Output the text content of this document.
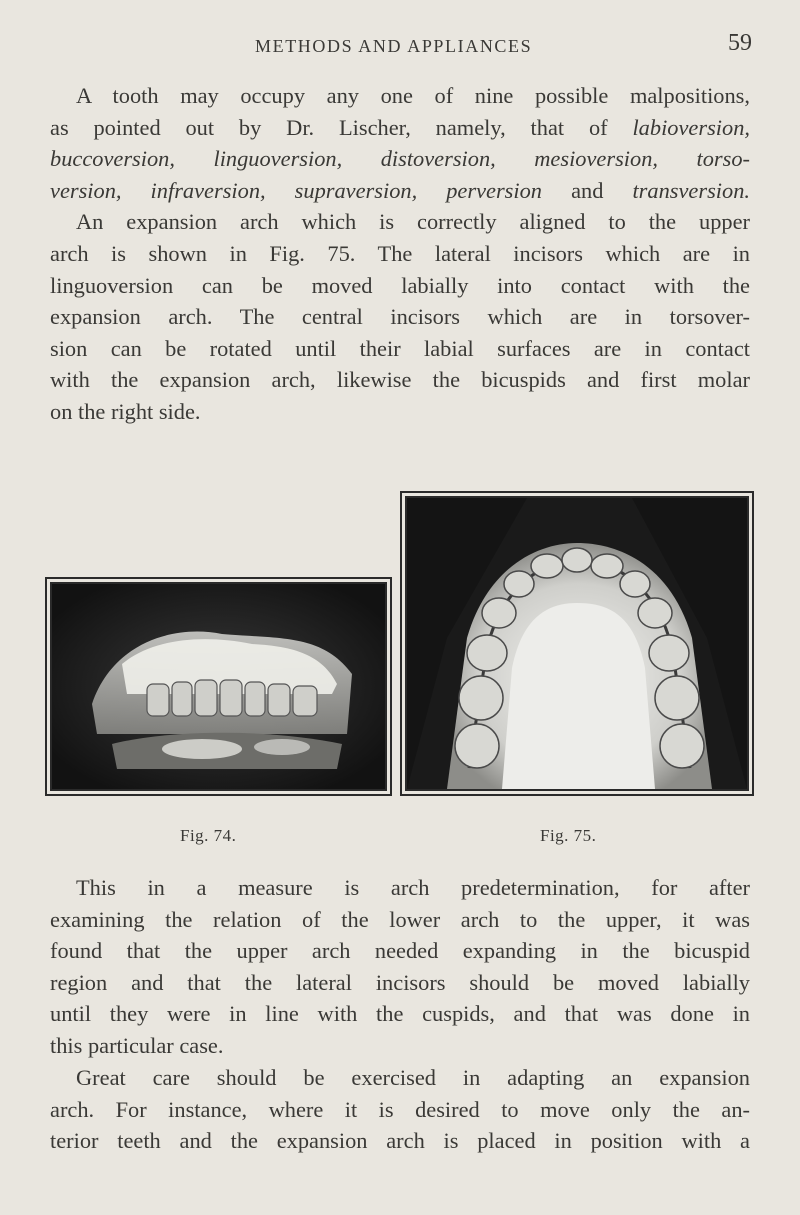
METHODS AND APPLIANCES	59
A tooth may occupy any one of nine possible malpositions,
as pointed out by Dr. Lischer, namely, that of labioversion,
buccoversion, linguoversion, distoversion, mesioversion, torso-
version, infraversion, supraversion, perversion and transversion.
An expansion arch which is correctly aligned to the upper
arch is shown in Fig. 75. The lateral incisors which are in
linguoversion can be moved labially into contact with the
expansion arch. The central incisors which are in torsover-
sion can be rotated until their labial surfaces are in contact
with the expansion arch, likewise the bicuspids and first molar
on the right side.
Fig. 74.	Fig. 75.
This in a measure is arch predetermination, for after
examining the relation of the lower arch to the upper, it was
found that the upper arch needed expanding in the bicuspid
region and that the lateral incisors should be moved labially
until they were in line with the cuspids, and that was done in
this particular case.
Great care should be exercised in adapting an expansion
arch. For instance, where it is desired to move only the an-
terior teeth and the expansion arch is placed in position with a
